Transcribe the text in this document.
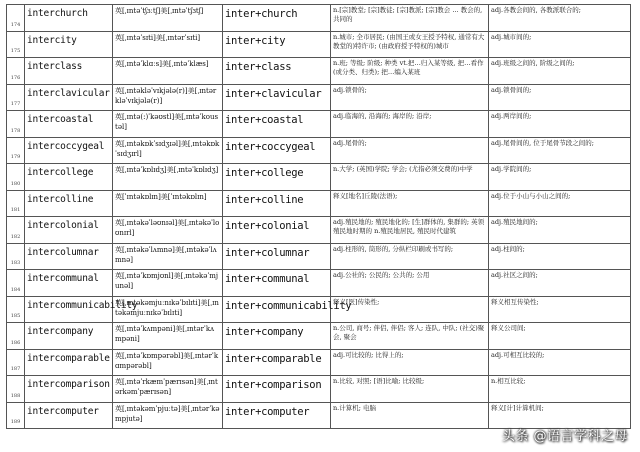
174	interchurch	英[ˌɪntəˈtʃɜːtʃ]美[ˌɪntəˈtʃɜtʃ]	inter+church	n.[宗]教堂; [宗]教徒; [宗]教派; [宗]教会 ... 教会的, 共同的	adj.各教会间的, 各教派联合的;

175	intercity	英[ˌɪntəˈsɪti]美[ˌɪntərˈsɪti]	inter+city	n.城市; 全市居民; (由国王或女王授予特权, 通常有大教堂的)特许市; (由政府授予特权的)城市	adj.城市间的;

176	interclass	英[ˌɪntəˈklɑːs]美[ˌɪntəˈklæs]	inter+class	n.班; 等级; 阶级; 种类 vt.把…归入某等级, 把…看作(或分类、归类); 把…编入某班	adj.班级之间的, 阶级之间的;

177	interclavicular	英[ˌɪntəkləˈvɪkjələ(r)]美[ˌɪntərkləˈvɪkjələ(r)]	inter+clavicular	adj.锁骨的;	adj.锁骨间的;

178	intercoastal	英[ˌɪntə(:)ˈkəʊstl]美[ˌɪntəˈkoustəl]	inter+coastal	adj.临海的, 沿海的; 海岸的; 沿岸;	adj.两岸间的;

179	intercoccygeal	英[ˌɪntəkɒkˈsɪdʒɪəl]美[ˌɪntəkɒkˈsɪdʒɪrl]	inter+coccygeal	adj.尾骨的;	adj.尾骨间的, 位于尾骨节段之间的;

180	intercollege	英[ˌɪntəˈkɒlɪdʒ]美[ˌɪntəˈkɒlɪdʒ]	inter+college	n.大学; (英国)学院; 学会; (尤指必须交费的)中学	adj.学院间的;

181	intercolline	英[ˈɪntəkɒlɪn]美[ˈɪntəkɒlɪn]	inter+colline	释义[地名]丘陵(法语);	adj.位于小山与小山之间的;

182	intercolonial	英[ˌɪntəkəˈləʊnɪəl]美[ˌɪntəkəˈloʊnɪrl]	inter+colonial	adj.殖民地的; 殖民地化的; [生]群体的, 集群的; 英领殖民地时期的 n.殖民地居民, 殖民时代建筑	adj.殖民地间的;

183	intercolumnar	英[ˌɪntəkəˈlʌmnə]美[ˌɪntəkəˈlʌmnə]	inter+columnar	adj.柱形的, 筒形的, 分纵栏印刷或书写的;	adj.柱间的;

184	intercommunal	英[ˌɪntəˈkɒmjʊnl]美[ˌɪntəkəˈmjunəl]	inter+communal	adj.公社的; 公民的; 公共的; 公用	adj.社区之间的;

185	intercommunicability	英[ˌɪntəkəmjuːnɪkəˈbɪlɪti]美[ˌɪntəkəmjuːnɪkəˈbɪlɪti]	inter+communicability	释义[医]传染性;	释义相互传染性;

186	intercompany	英[ˌɪntəˈkʌmpəni]美[ˌɪntərˈkʌmpəni]	inter+company	n.公司, 商号; 伴侣, 伴侣; 客人; 连队, 中队; (社交)聚会, 聚会	释义公司间;

187	intercomparable	英[ˌɪntəˈkɒmpərəbl]美[ˌɪntərˈkɑmpərəbl]	inter+comparable	adj.可比较的; 比得上的;	adj.可相互比较的;

188	intercomparison	英[ˌɪntəˈrkæmˈpærɪsən]美[ˌɪntərkəmˈpærɪsən]	inter+comparison	n.比较, 对照; [语]比喻; 比较级;	n.相互比较;

189	intercomputer	英[ˌɪntəkəmˈpjuːtə]美[ˌɪntərˈkəmpjutə]	inter+computer	n.计算机; 电脑	释义[计]计算机间;
头条 @语言学科之母
